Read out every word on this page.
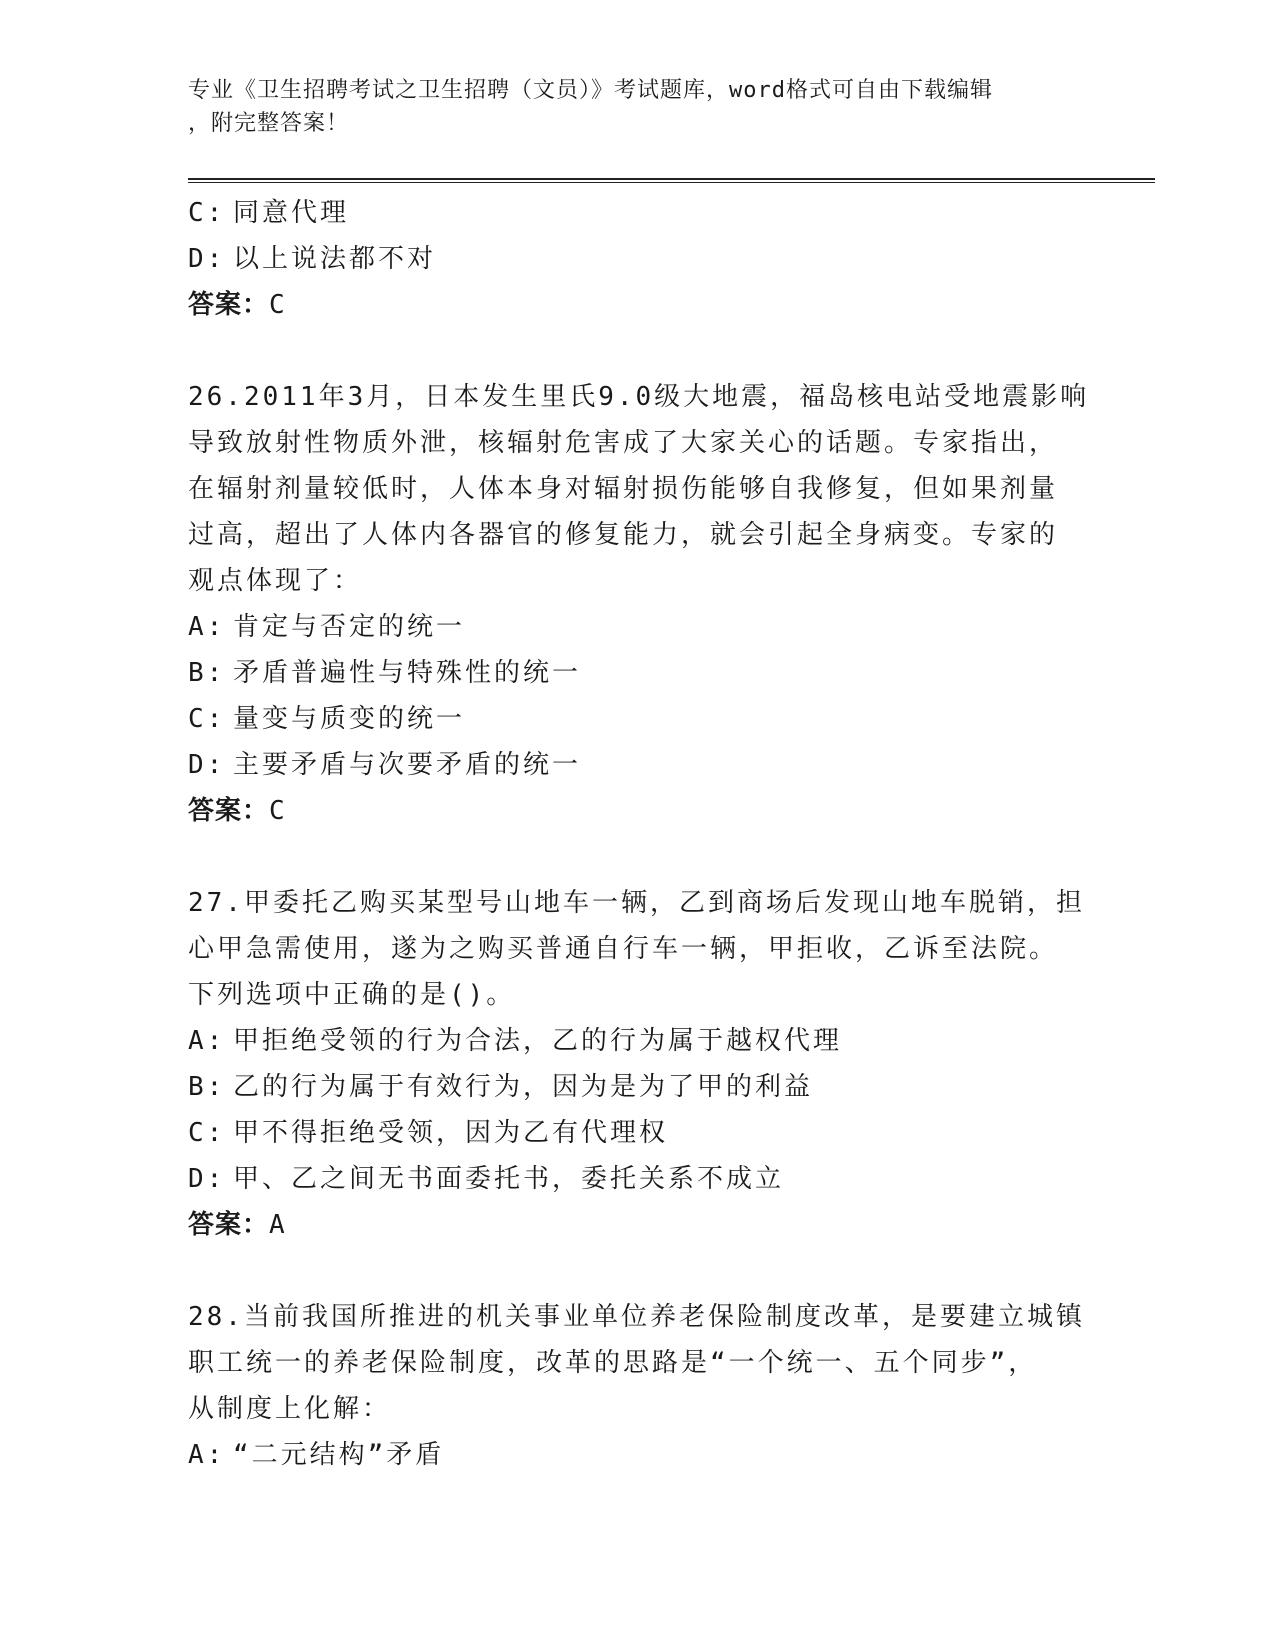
专业《卫生招聘考试之卫生招聘（文员）》考试题库，word格式可自由下载编辑
，附完整答案！
C: 同意代理
D: 以上说法都不对
答案：C
26.2011年3月，日本发生里氏9.0级大地震，福岛核电站受地震影响
导致放射性物质外泄，核辐射危害成了大家关心的话题。专家指出，
在辐射剂量较低时，人体本身对辐射损伤能够自我修复，但如果剂量
过高，超出了人体内各器官的修复能力，就会引起全身病变。专家的
观点体现了：
A: 肯定与否定的统一
B: 矛盾普遍性与特殊性的统一
C: 量变与质变的统一
D: 主要矛盾与次要矛盾的统一
答案：C
27.甲委托乙购买某型号山地车一辆，乙到商场后发现山地车脱销，担
心甲急需使用，遂为之购买普通自行车一辆，甲拒收，乙诉至法院。
下列选项中正确的是()。
A: 甲拒绝受领的行为合法，乙的行为属于越权代理
B: 乙的行为属于有效行为，因为是为了甲的利益
C: 甲不得拒绝受领，因为乙有代理权
D: 甲、乙之间无书面委托书，委托关系不成立
答案：A
28.当前我国所推进的机关事业单位养老保险制度改革，是要建立城镇
职工统一的养老保险制度，改革的思路是“一个统一、五个同步”，
从制度上化解：
A: “二元结构”矛盾
